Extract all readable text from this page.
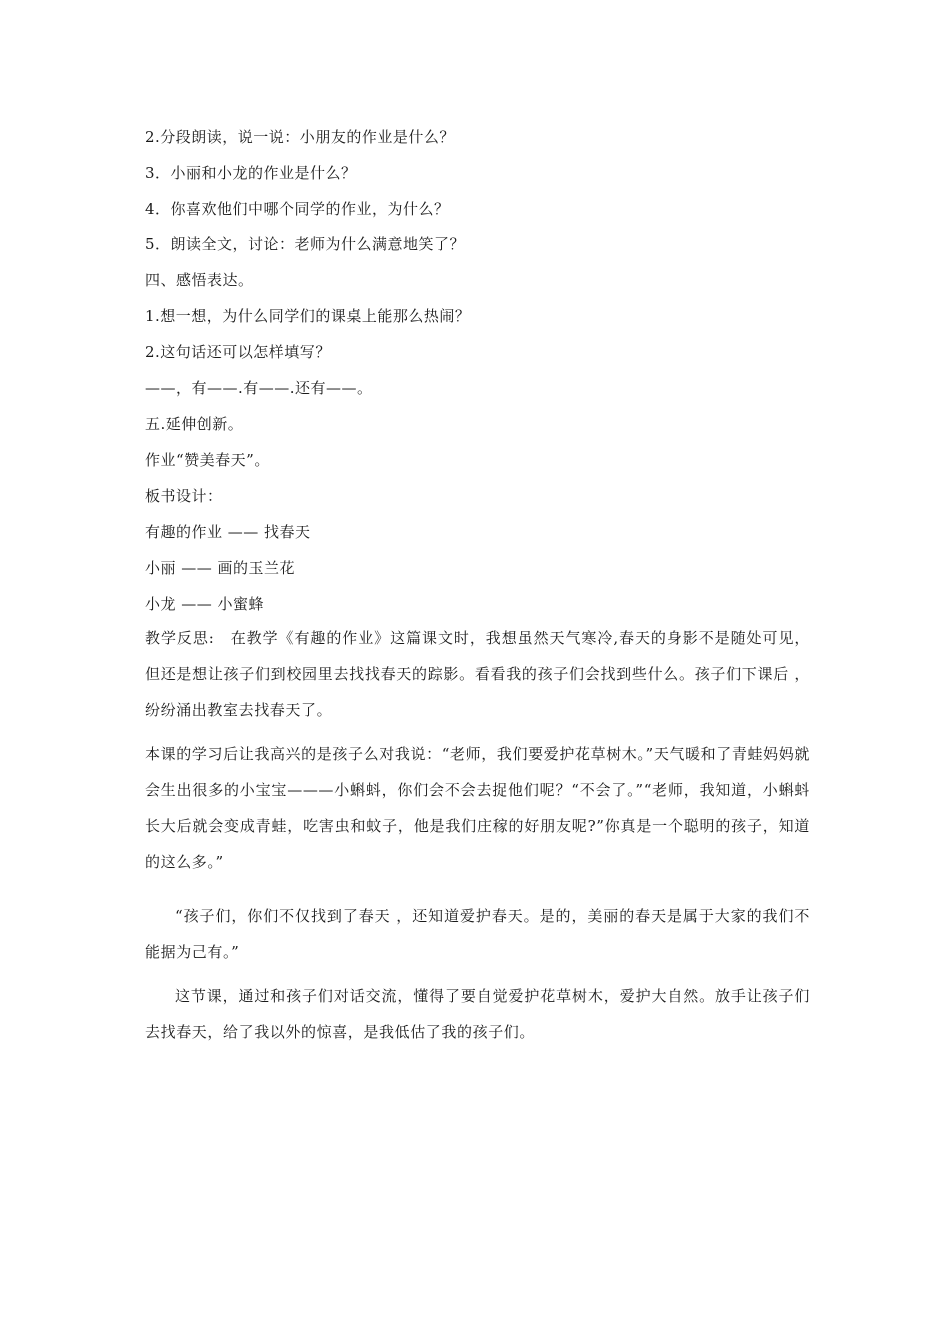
2.分段朗读，说一说：小朋友的作业是什么？
3．小丽和小龙的作业是什么？
4．你喜欢他们中哪个同学的作业，为什么？
5．朗读全文，讨论：老师为什么满意地笑了？
四、感悟表达。
1.想一想，为什么同学们的课桌上能那么热闹？
2.这句话还可以怎样填写？
——，有——.有——.还有——。
五.延伸创新。
作业“赞美春天”。
板书设计：
有趣的作业 —— 找春天
小丽 —— 画的玉兰花
小龙 —— 小蜜蜂
教学反思:　在教学《有趣的作业》这篇课文时，我想虽然天气寒冷,春天的身影不是随处可见，但还是想让孩子们到校园里去找找春天的踪影。看看我的孩子们会找到些什么。孩子们下课后 ，纷纷涌出教室去找春天了。
本课的学习后让我高兴的是孩子么对我说：“老师，我们要爱护花草树木。”天气暖和了青蛙妈妈就会生出很多的小宝宝———小蝌蚪，你们会不会去捉他们呢？“不会了。”“老师，我知道，小蝌蚪长大后就会变成青蛙，吃害虫和蚊子，他是我们庄稼的好朋友呢?”你真是一个聪明的孩子，知道的这么多。”
“孩子们，你们不仅找到了春天 ，还知道爱护春天。是的，美丽的春天是属于大家的我们不能据为己有。”
这节课，通过和孩子们对话交流，懂得了要自觉爱护花草树木，爱护大自然。放手让孩子们去找春天，给了我以外的惊喜，是我低估了我的孩子们。
